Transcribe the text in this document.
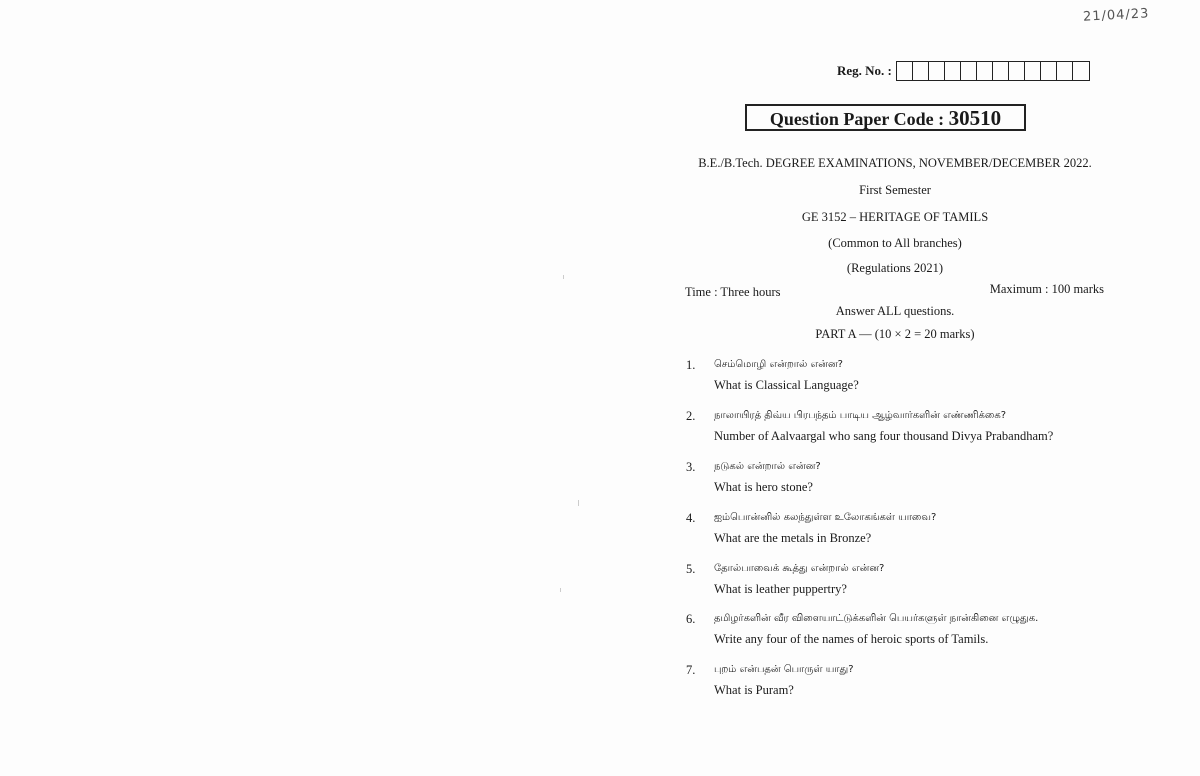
21/04/23
Reg. No. :
Question Paper Code : 30510
B.E./B.Tech. DEGREE EXAMINATIONS, NOVEMBER/DECEMBER 2022.
First Semester
GE 3152 – HERITAGE OF TAMILS
(Common to All branches)
(Regulations 2021)
Time : Three hours	Maximum : 100 marks
Answer ALL questions.
PART A — (10 × 2 = 20 marks)
1. செம்மொழி என்றால் என்ன?
What is Classical Language?
2. நாலாயிரத் திவ்ய பிரபந்தம் பாடிய ஆழ்வார்களின் எண்ணிக்கை?
Number of Aalvaargal who sang four thousand Divya Prabandham?
3. நடுகல் என்றால் என்ன?
What is hero stone?
4. ஐம்பொன்னில் கலந்துள்ள உலோகங்கள் யாவை?
What are the metals in Bronze?
5. தோல்பாவைக் கூத்து என்றால் என்ன?
What is leather puppertry?
6. தமிழர்களின் வீர விளையாட்டுக்களின் பெயர்களுள் நான்கினை எழுதுக.
Write any four of the names of heroic sports of Tamils.
7. புறம் என்பதன் பொருள் யாது?
What is Puram?
